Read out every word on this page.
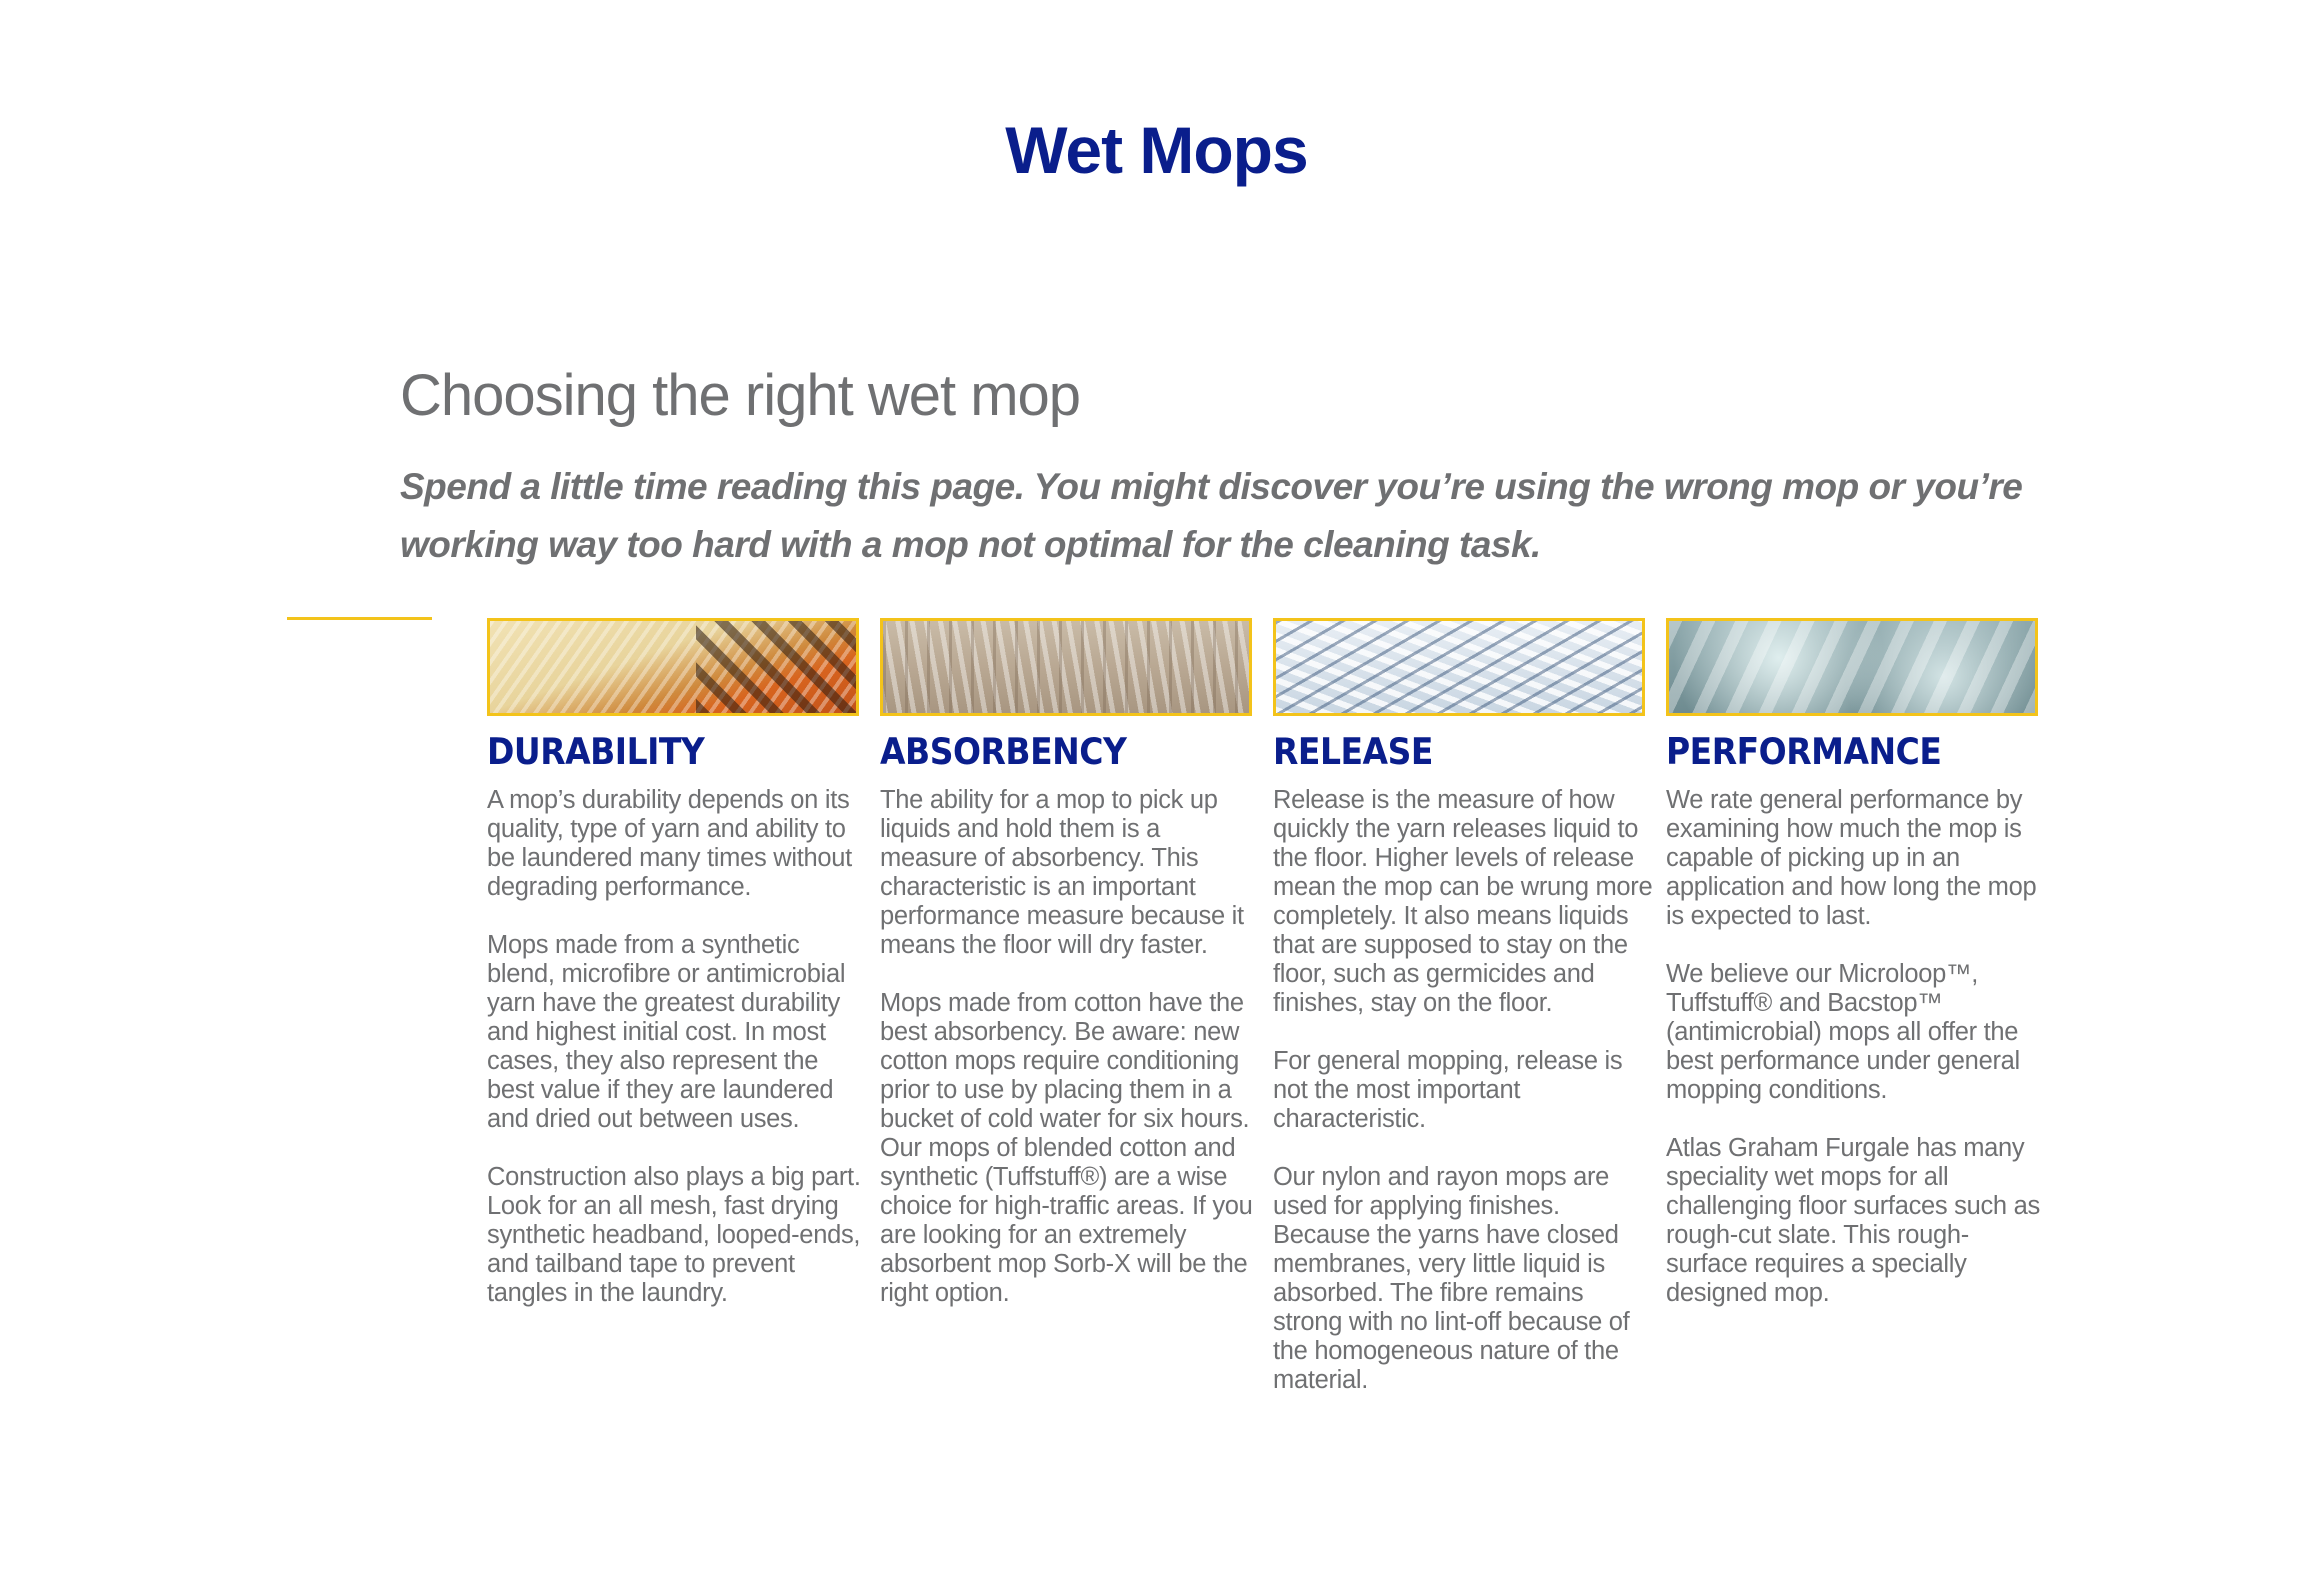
Wet Mops
Choosing the right wet mop

Spend a little time reading this page. You might discover you’re using the wrong mop or you’re working way too hard with a mop not optimal for the cleaning task.

DURABILITY

A mop’s durability depends on its quality, type of yarn and ability to be laundered many times without degrading performance.

Mops made from a synthetic blend, microfibre or antimicrobial yarn have the greatest durability and highest initial cost. In most cases, they also represent the best value if they are laundered and dried out between uses.

Construction also plays a big part. Look for an all mesh, fast drying synthetic headband, looped-ends, and tailband tape to prevent tangles in the laundry.

ABSORBENCY

The ability for a mop to pick up liquids and hold them is a measure of absorbency. This characteristic is an important performance measure because it means the floor will dry faster.

Mops made from cotton have the best absorbency. Be aware: new cotton mops require conditioning prior to use by placing them in a bucket of cold water for six hours. Our mops of blended cotton and synthetic (Tuffstuff®) are a wise choice for high-traffic areas. If you are looking for an extremely absorbent mop Sorb-X will be the right option.

RELEASE

Release is the measure of how quickly the yarn releases liquid to the floor. Higher levels of release mean the mop can be wrung more completely. It also means liquids that are supposed to stay on the floor, such as germicides and finishes, stay on the floor.

For general mopping, release is not the most important characteristic.

Our nylon and rayon mops are used for applying finishes. Because the yarns have closed membranes, very little liquid is absorbed. The fibre remains strong with no lint-off because of the homogeneous nature of the material.

PERFORMANCE

We rate general performance by examining how much the mop is capable of picking up in an application and how long the mop is expected to last.

We believe our Microloop™, Tuffstuff® and Bacstop™ (antimicrobial) mops all offer the best performance under general mopping conditions.

Atlas Graham Furgale has many speciality wet mops for all challenging floor surfaces such as rough-cut slate. This rough-surface requires a specially designed mop.
